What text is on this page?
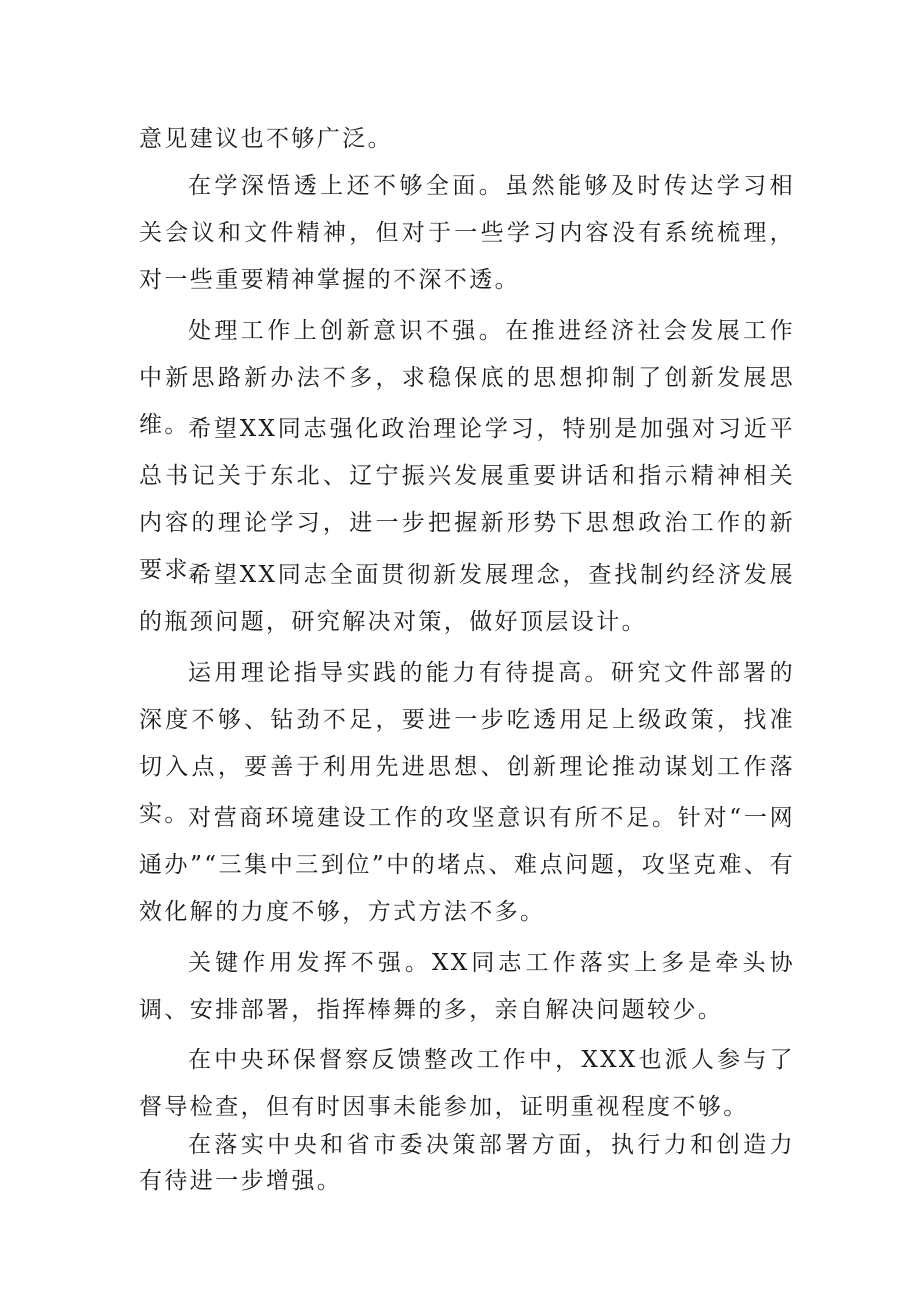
意见建议也不够广泛。

在学深悟透上还不够全面。虽然能够及时传达学习相关会议和文件精神，但对于一些学习内容没有系统梳理，对一些重要精神掌握的不深不透。

处理工作上创新意识不强。在推进经济社会发展工作中新思路新办法不多，求稳保底的思想抑制了创新发展思维。

希望XX同志强化政治理论学习，特别是加强对习近平总书记关于东北、辽宁振兴发展重要讲话和指示精神相关内容的理论学习，进一步把握新形势下思想政治工作的新要求。

希望XX同志全面贯彻新发展理念，查找制约经济发展的瓶颈问题，研究解决对策，做好顶层设计。

运用理论指导实践的能力有待提高。研究文件部署的深度不够、钻劲不足，要进一步吃透用足上级政策，找准切入点，要善于利用先进思想、创新理论推动谋划工作落实。

对营商环境建设工作的攻坚意识有所不足。针对“一网通办”“三集中三到位”中的堵点、难点问题，攻坚克难、有效化解的力度不够，方式方法不多。

关键作用发挥不强。XX同志工作落实上多是牵头协调、安排部署，指挥棒舞的多，亲自解决问题较少。

在中央环保督察反馈整改工作中，XXX也派人参与了督导检查，但有时因事未能参加，证明重视程度不够。

在落实中央和省市委决策部署方面，执行力和创造力有待进一步增强。
